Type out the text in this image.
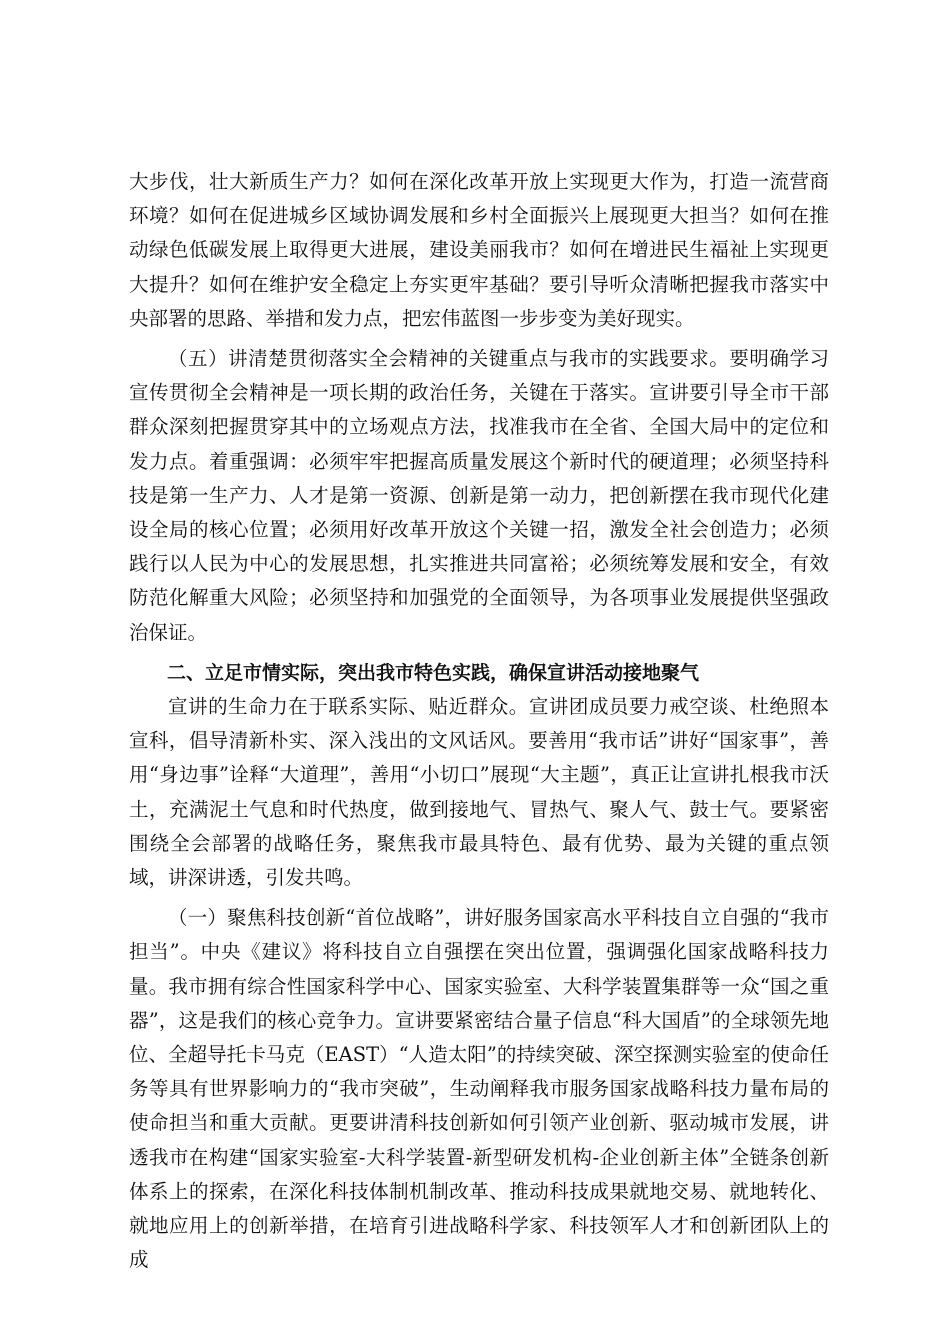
大步伐，壮大新质生产力？如何在深化改革开放上实现更大作为，打造一流营商环境？如何在促进城乡区域协调发展和乡村全面振兴上展现更大担当？如何在推动绿色低碳发展上取得更大进展，建设美丽我市？如何在增进民生福祉上实现更大提升？如何在维护安全稳定上夯实更牢基础？要引导听众清晰把握我市落实中央部署的思路、举措和发力点，把宏伟蓝图一步步变为美好现实。

（五）讲清楚贯彻落实全会精神的关键重点与我市的实践要求。要明确学习宣传贯彻全会精神是一项长期的政治任务，关键在于落实。宣讲要引导全市干部群众深刻把握贯穿其中的立场观点方法，找准我市在全省、全国大局中的定位和发力点。着重强调：必须牢牢把握高质量发展这个新时代的硬道理；必须坚持科技是第一生产力、人才是第一资源、创新是第一动力，把创新摆在我市现代化建设全局的核心位置；必须用好改革开放这个关键一招，激发全社会创造力；必须践行以人民为中心的发展思想，扎实推进共同富裕；必须统筹发展和安全，有效防范化解重大风险；必须坚持和加强党的全面领导，为各项事业发展提供坚强政治保证。

二、立足市情实际，突出我市特色实践，确保宣讲活动接地聚气

宣讲的生命力在于联系实际、贴近群众。宣讲团成员要力戒空谈、杜绝照本宣科，倡导清新朴实、深入浅出的文风话风。要善用“我市话”讲好“国家事”，善用“身边事”诠释“大道理”，善用“小切口”展现“大主题”，真正让宣讲扎根我市沃土，充满泥土气息和时代热度，做到接地气、冒热气、聚人气、鼓士气。要紧密围绕全会部署的战略任务，聚焦我市最具特色、最有优势、最为关键的重点领域，讲深讲透，引发共鸣。

（一）聚焦科技创新“首位战略”，讲好服务国家高水平科技自立自强的“我市担当”。中央《建议》将科技自立自强摆在突出位置，强调强化国家战略科技力量。我市拥有综合性国家科学中心、国家实验室、大科学装置集群等一众“国之重器”，这是我们的核心竞争力。宣讲要紧密结合量子信息“科大国盾”的全球领先地位、全超导托卡马克（EAST）“人造太阳”的持续突破、深空探测实验室的使命任务等具有世界影响力的“我市突破”，生动阐释我市服务国家战略科技力量布局的使命担当和重大贡献。更要讲清科技创新如何引领产业创新、驱动城市发展，讲透我市在构建“国家实验室-大科学装置-新型研发机构-企业创新主体”全链条创新体系上的探索，在深化科技体制机制改革、推动科技成果就地交易、就地转化、就地应用上的创新举措，在培育引进战略科学家、科技领军人才和创新团队上的成
